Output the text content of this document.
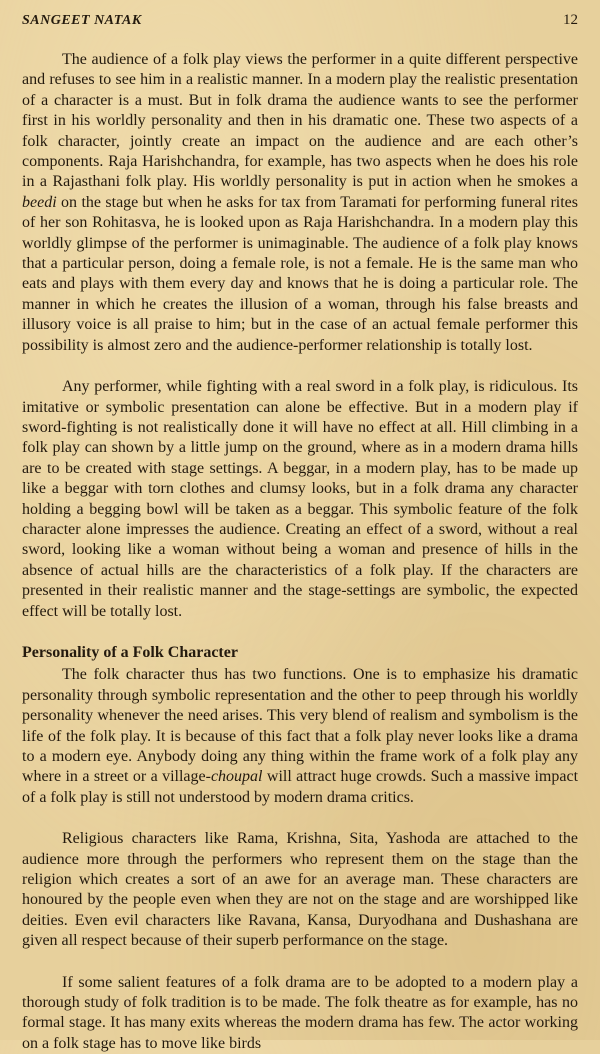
SANGEET NATAK	12

The audience of a folk play views the performer in a quite different perspective and refuses to see him in a realistic manner. In a modern play the realistic presentation of a character is a must. But in folk drama the audience wants to see the performer first in his worldly personality and then in his dramatic one. These two aspects of a folk character, jointly create an impact on the audience and are each other’s components. Raja Harishchandra, for example, has two aspects when he does his role in a Rajasthani folk play. His worldly personality is put in action when he smokes a beedi on the stage but when he asks for tax from Taramati for performing funeral rites of her son Rohitasva, he is looked upon as Raja Harishchandra. In a modern play this worldly glimpse of the performer is unimaginable. The audience of a folk play knows that a particular person, doing a female role, is not a female. He is the same man who eats and plays with them every day and knows that he is doing a particular role. The manner in which he creates the illusion of a woman, through his false breasts and illusory voice is all praise to him; but in the case of an actual female performer this possibility is almost zero and the audience-performer relationship is totally lost.

Any performer, while fighting with a real sword in a folk play, is ridiculous. Its imitative or symbolic presentation can alone be effective. But in a modern play if sword-fighting is not realistically done it will have no effect at all. Hill climbing in a folk play can shown by a little jump on the ground, where as in a modern drama hills are to be created with stage settings. A beggar, in a modern play, has to be made up like a beggar with torn clothes and clumsy looks, but in a folk drama any character holding a begging bowl will be taken as a beggar. This symbolic feature of the folk character alone impresses the audience. Creating an effect of a sword, without a real sword, looking like a woman without being a woman and presence of hills in the absence of actual hills are the characteristics of a folk play. If the characters are presented in their realistic manner and the stage-settings are symbolic, the expected effect will be totally lost.

Personality of a Folk Character

The folk character thus has two functions. One is to emphasize his dramatic personality through symbolic representation and the other to peep through his worldly personality whenever the need arises. This very blend of realism and symbolism is the life of the folk play. It is because of this fact that a folk play never looks like a drama to a modern eye. Anybody doing any thing within the frame work of a folk play any where in a street or a village-choupal will attract huge crowds. Such a massive impact of a folk play is still not understood by modern drama critics.

Religious characters like Rama, Krishna, Sita, Yashoda are attached to the audience more through the performers who represent them on the stage than the religion which creates a sort of an awe for an average man. These characters are honoured by the people even when they are not on the stage and are worshipped like deities. Even evil characters like Ravana, Kansa, Duryodhana and Dushashana are given all respect because of their superb performance on the stage.

If some salient features of a folk drama are to be adopted to a modern play a thorough study of folk tradition is to be made. The folk theatre as for example, has no formal stage. It has many exits whereas the modern drama has few. The actor working on a folk stage has to move like birds
